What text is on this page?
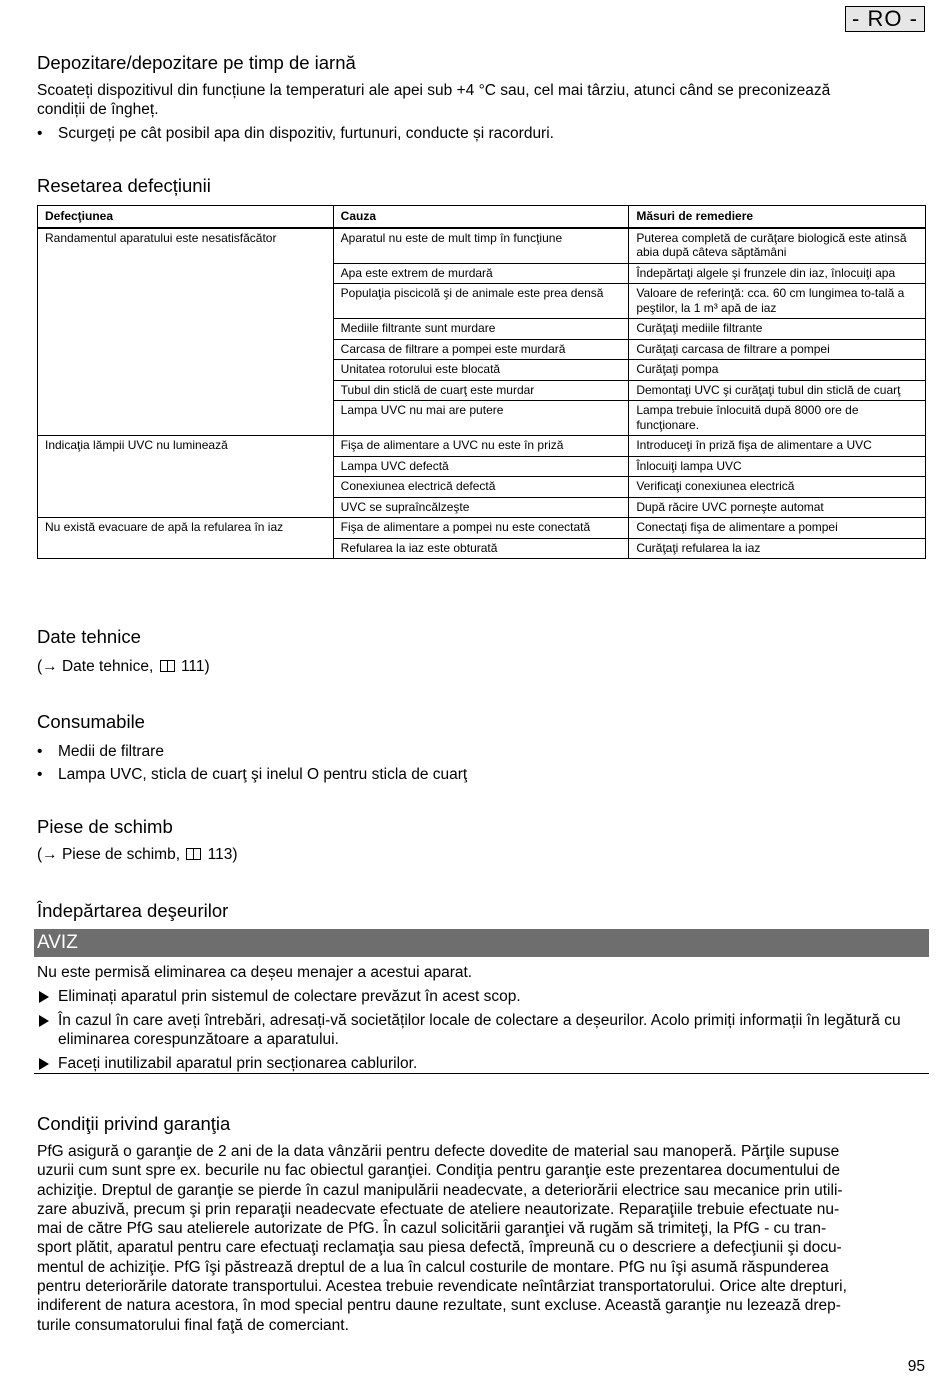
- RO -
Depozitare/depozitare pe timp de iarnă
Scoateți dispozitivul din funcțiune la temperaturi ale apei sub +4 °C sau, cel mai târziu, atunci când se preconizează
condiții de îngheț.
• Scurgeți pe cât posibil apa din dispozitiv, furtunuri, conducte și racorduri.
Resetarea defecțiunii
Defecţiunea	Cauza	Măsuri de remediere
Randamentul aparatului este nesatisfăcător	Aparatul nu este de mult timp în funcţiune	Puterea completă de curăţare biologică este atinsă abia după câteva săptămâni
	Apa este extrem de murdară	Îndepărtaţi algele şi frunzele din iaz, înlocuiţi apa
	Populaţia piscicolă şi de animale este prea densă	Valoare de referinţă: cca. 60 cm lungimea to-tală a peştilor, la 1 m³ apă de iaz
	Mediile filtrante sunt murdare	Curăţaţi mediile filtrante
	Carcasa de filtrare a pompei este murdară	Curăţaţi carcasa de filtrare a pompei
	Unitatea rotorului este blocată	Curăţaţi pompa
	Tubul din sticlă de cuarţ este murdar	Demontaţi UVC şi curăţaţi tubul din sticlă de cuarţ
	Lampa UVC nu mai are putere	Lampa trebuie înlocuită după 8000 ore de funcţionare.
Indicaţia lămpii UVC nu luminează	Fişa de alimentare a UVC nu este în priză	Introduceţi în priză fişa de alimentare a UVC
	Lampa UVC defectă	Înlocuiţi lampa UVC
	Conexiunea electrică defectă	Verificaţi conexiunea electrică
	UVC se supraîncălzeşte	După răcire UVC porneşte automat
Nu există evacuare de apă la refularea în iaz	Fişa de alimentare a pompei nu este conectată	Conectaţi fişa de alimentare a pompei
	Refularea la iaz este obturată	Curăţaţi refularea la iaz
Date tehnice
(→ Date tehnice, 111)
Consumabile
• Medii de filtrare
• Lampa UVC, sticla de cuarţ şi inelul O pentru sticla de cuarţ
Piese de schimb
(→ Piese de schimb, 113)
Îndepărtarea deşeurilor
AVIZ
Nu este permisă eliminarea ca deșeu menajer a acestui aparat.
Eliminați aparatul prin sistemul de colectare prevăzut în acest scop.
În cazul în care aveți întrebări, adresați-vă societăților locale de colectare a deșeurilor. Acolo primiți informații în legătură cu eliminarea corespunzătoare a aparatului.
Faceți inutilizabil aparatul prin secționarea cablurilor.
Condiţii privind garanţia
PfG asigură o garanţie de 2 ani de la data vânzării pentru defecte dovedite de material sau manoperă. Părţile supuse
uzurii cum sunt spre ex. becurile nu fac obiectul garanţiei. Condiţia pentru garanţie este prezentarea documentului de
achiziţie. Dreptul de garanţie se pierde în cazul manipulării neadecvate, a deteriorării electrice sau mecanice prin utili-
zare abuzivă, precum şi prin reparaţii neadecvate efectuate de ateliere neautorizate. Reparaţiile trebuie efectuate nu-
mai de către PfG sau atelierele autorizate de PfG. În cazul solicitării garanţiei vă rugăm să trimiteţi, la PfG - cu tran-
sport plătit, aparatul pentru care efectuaţi reclamaţia sau piesa defectă, împreună cu o descriere a defecţiunii şi docu-
mentul de achiziţie. PfG îşi păstrează dreptul de a lua în calcul costurile de montare. PfG nu îşi asumă răspunderea
pentru deteriorările datorate transportului. Acestea trebuie revendicate neîntârziat transportatorului. Orice alte drepturi,
indiferent de natura acestora, în mod special pentru daune rezultate, sunt excluse. Această garanţie nu lezează drep-
turile consumatorului final faţă de comerciant.
95
